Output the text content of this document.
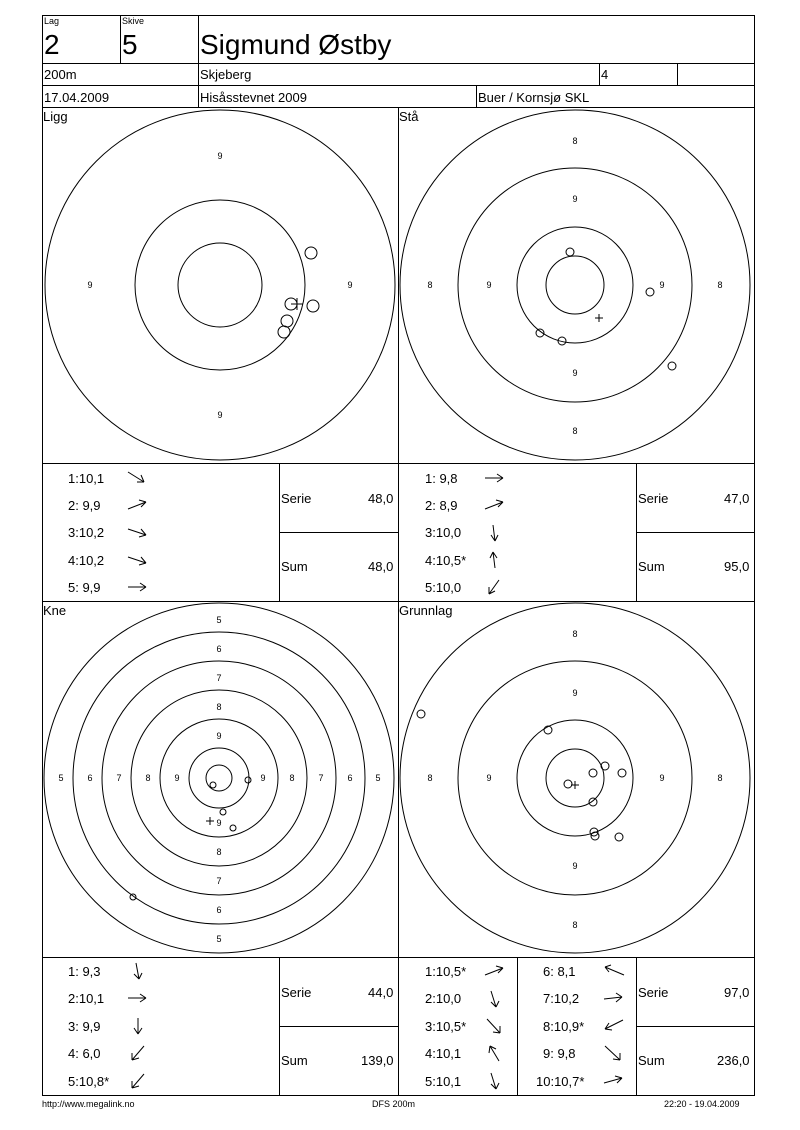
Lag
2
Skive
5 Sigmund Østby
200m	Skjeberg	4
17.04.2009	Hisåsstevnet 2009	Buer / Kornsjø SKL
Ligg
9
9	9
9
1:10,1
2: 9,9
3:10,2
4:10,2
5: 9,9
Serie	48,0
Sum	48,0
Stå
8
9
8	9	9	8
9
8
1: 9,8
2: 8,9
3:10,0
4:10,5*
5:10,0
Serie	47,0
Sum	95,0
Kne
5
6
7
8
9
8
7
6
5
5	6	7	8	9	9	8	7	6	5
9
1: 9,3
2:10,1
3: 9,9
4: 6,0
5:10,8*
Serie	44,0
Sum	139,0
Grunnlag
8
9
8	9	9	8
9
8
1:10,5*
2:10,0
3:10,5*
4:10,1
5:10,1
6: 8,1
7:10,2
8:10,9*
9: 9,8
10:10,7*
Serie	97,0
Sum	236,0
http://www.megalink.no	DFS 200m	22:20 - 19.04.2009
